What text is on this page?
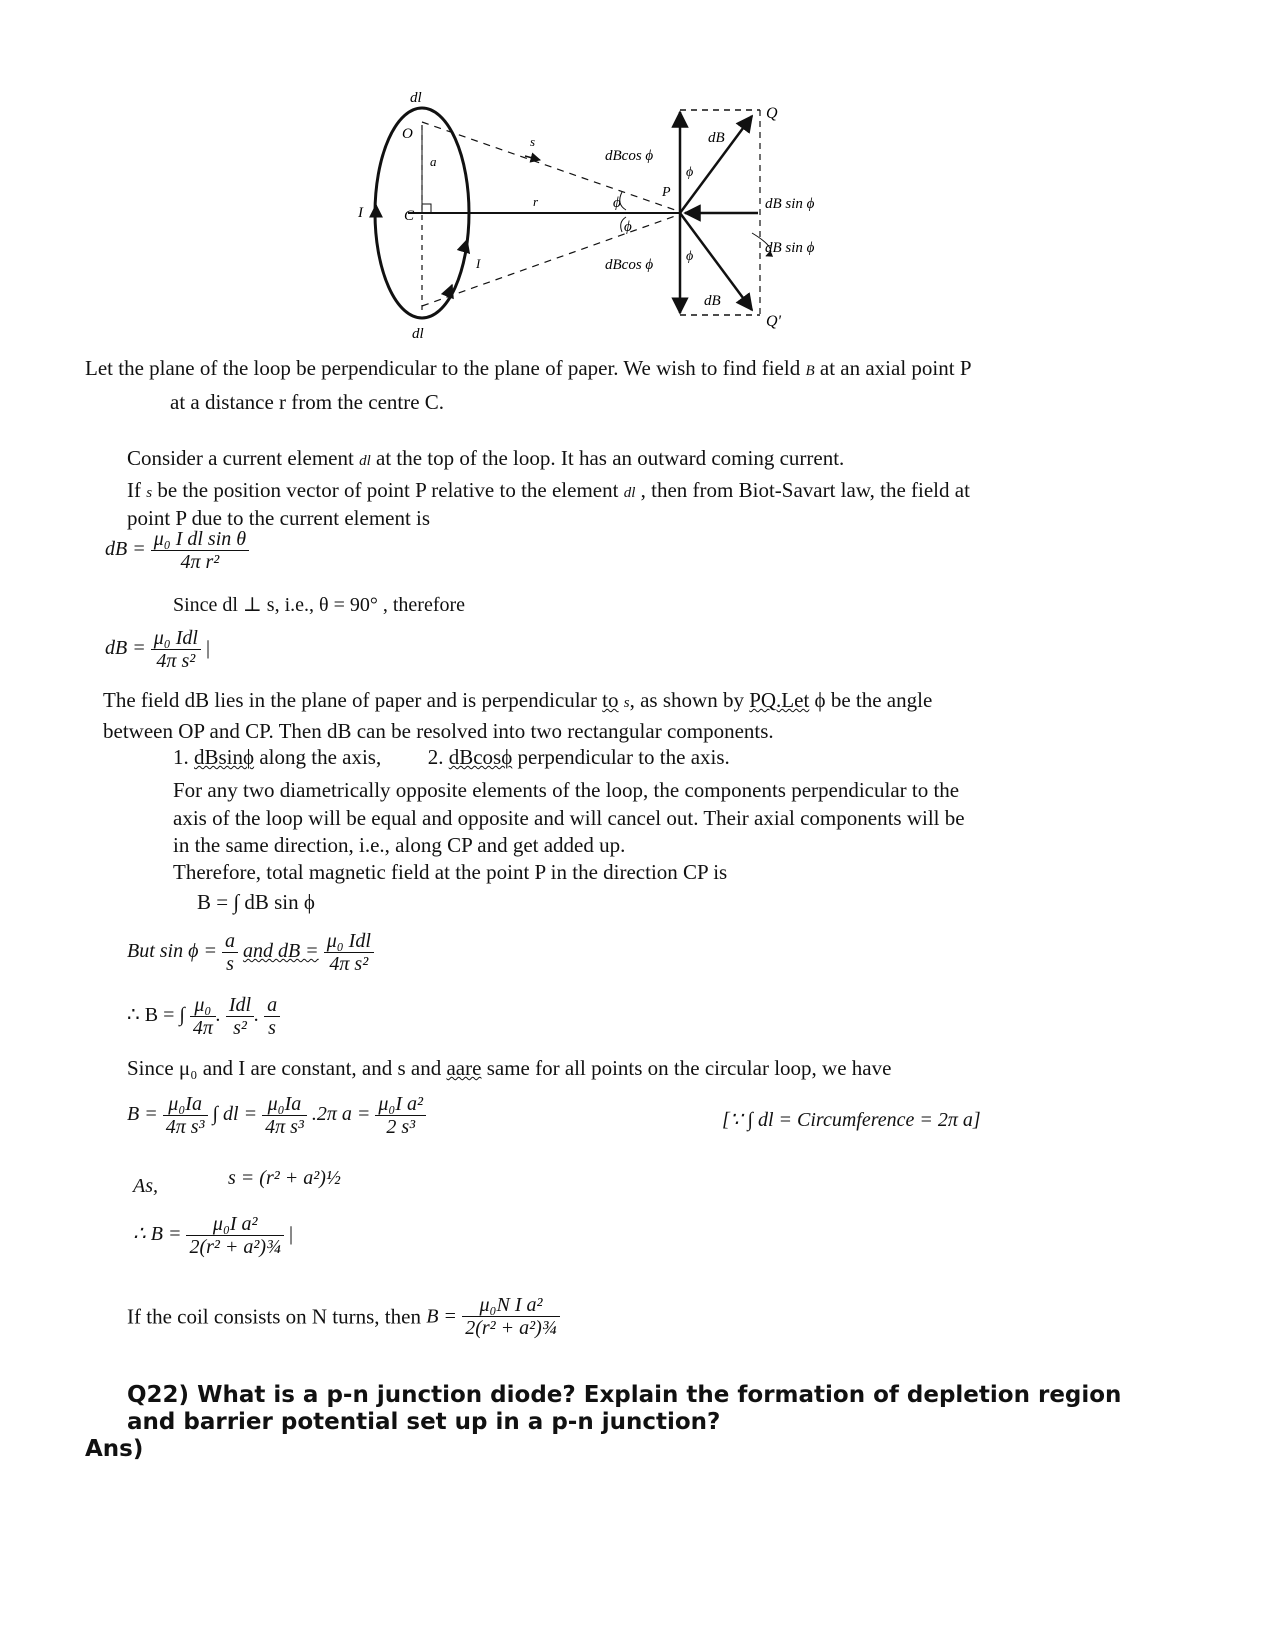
dl
O
a
I	C
I
dl
s
r
P
ϕ
ϕ
ϕ
ϕ
dBcos ϕ
dBcos ϕ
dB
dB
Q
Q'
dB sin ϕ
dB sin ϕ
Let the plane of the loop be perpendicular to the plane of paper. We wish to find field B at an axial point P
at a distance r from the centre C.
Consider a current element dl at the top of the loop. It has an outward coming current.
If s be the position vector of point P relative to the element dl , then from Biot-Savart law, the field at
point P due to the current element is
dB = $\frac{\text{μ₀ I dl sin θ}}{\text{4π r²}}$
Since dl ⊥ s, i.e., θ = 90° , therefore
dB = $\frac{\text{μ₀ Idl}}{\text{4π s²}}$ |
The field dB lies in the plane of paper and is perpendicular to s, as shown by PQ.Let ϕ be the angle
between OP and CP. Then dB can be resolved into two rectangular components.
1. dBsinϕ along the axis, 2. dBcosϕ perpendicular to the axis.
For any two diametrically opposite elements of the loop, the components perpendicular to the
axis of the loop will be equal and opposite and will cancel out. Their axial components will be
in the same direction, i.e., along CP and get added up.
Therefore, total magnetic field at the point P in the direction CP is
B = ∫ dB sin ϕ
But $\sin \phi = \frac{a}{s}$ and dB = $\frac{\text{μ₀ Idl}}{\text{4π s²}}$
∴ B = ∫ $\frac{\text{μ₀}}{4\pi}$ . $\frac{\text{Idl}}{\text{s²}}$ . $\frac{a}{s}$
Since μ₀ and I are constant, and s and aare same for all points on the circular loop, we have
$B = \frac{\text{μ₀Ia}}{\text{4π s³}}$ ∫ dl = $\frac{\text{μ₀Ia}}{\text{4π s³}} .2\pi$ $a = \frac{\text{μ₀I a²}}{\text{2 s³}}$	[∵ ∫ dl = Circumference = 2π a]
As,	s = (r² + a²)½
∴ $B = \frac{\text{μ₀I a²}}{\text{2(r² + a²)¾}}$ |
If the coil consists on N turns, then $B = \frac{\text{μ₀N I a²}}{\text{2(r² + a²)¾}}$
Q22) What is a p-n junction diode? Explain the formation of depletion region
and barrier potential set up in a p-n junction?
Ans)
